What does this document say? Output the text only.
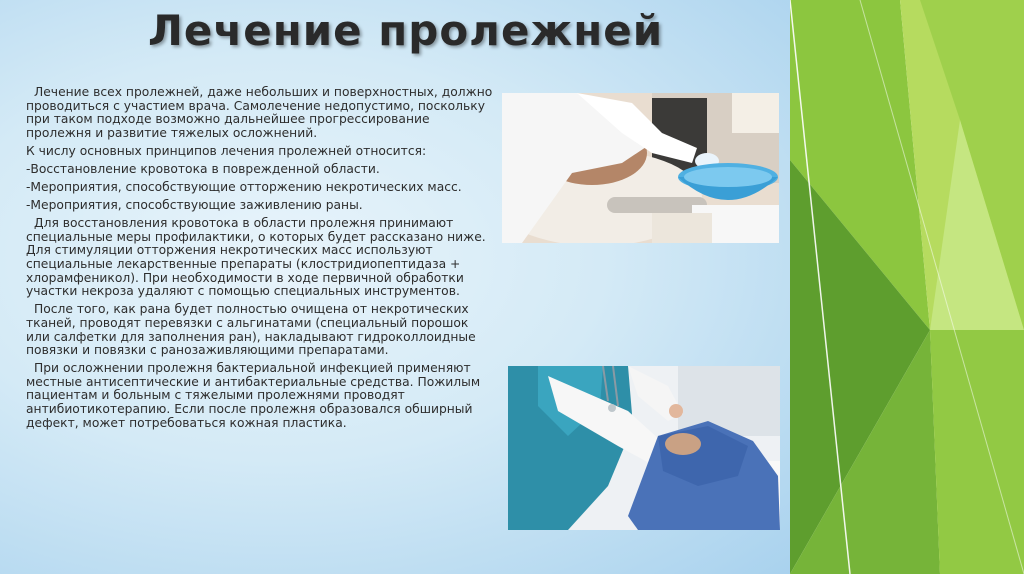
Лечение пролежней

Лечение всех пролежней, даже небольших и поверхностных, должно проводиться с участием врача. Самолечение недопустимо, поскольку при таком подходе возможно дальнейшее прогрессирование пролежня и развитие тяжелых осложнений.

К числу основных принципов лечения пролежней относится:

-Восстановление кровотока в поврежденной области.

-Мероприятия, способствующие отторжению некротических масс.

-Мероприятия, способствующие заживлению раны.

Для восстановления кровотока в области пролежня принимают специальные меры профилактики, о которых будет рассказано ниже. Для стимуляции отторжения некротических масс используют специальные лекарственные препараты (клостридиопептидаза + хлорамфеникол). При необходимости в ходе первичной обработки участки некроза удаляют с помощью специальных инструментов.

После того, как рана будет полностью очищена от некротических тканей, проводят перевязки с альгинатами (специальный порошок или салфетки для заполнения ран), накладывают гидроколлоидные повязки и повязки с ранозаживляющими препаратами.

При осложнении пролежня бактериальной инфекцией применяют местные антисептические и антибактериальные средства. Пожилым пациентам и больным с тяжелыми пролежнями проводят антибиотикотерапию. Если после пролежня образовался обширный дефект, может потребоваться кожная пластика.
